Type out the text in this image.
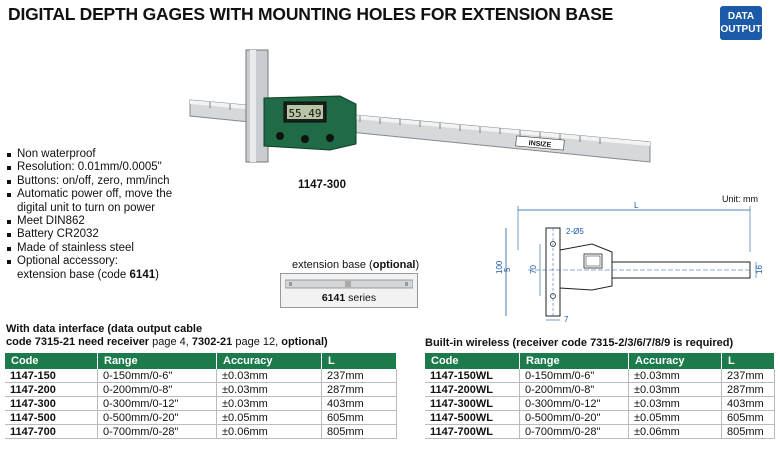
DIGITAL DEPTH GAGES WITH MOUNTING HOLES FOR EXTENSION BASE	DATA
OUTPUT
55.49
INSIZE
1147-300
Non waterproof
Resolution: 0.01mm/0.0005"
Buttons: on/off, zero, mm/inch
Automatic power off, move the digital unit to turn on power
Meet DIN862
Battery CR2032
Made of stainless steel
Optional accessory:
extension base (code 6141)
extension base (optional)
6141 series
Unit: mm
L
100
2-Ø5
70
5	16
7
With data interface (data output cable
code 7315-21 need receiver page 4, 7302-21 page 12, optional)	Built-in wireless (receiver code 7315-2/3/6/7/8/9 is required)
Code	Range	Accuracy	L
1147-150	0-150mm/0-6"	±0.03mm	237mm
1147-200	0-200mm/0-8"	±0.03mm	287mm
1147-300	0-300mm/0-12"	±0.03mm	403mm
1147-500	0-500mm/0-20"	±0.05mm	605mm
1147-700	0-700mm/0-28"	±0.06mm	805mm
Code	Range	Accuracy	L
1147-150WL	0-150mm/0-6"	±0.03mm	237mm
1147-200WL	0-200mm/0-8"	±0.03mm	287mm
1147-300WL	0-300mm/0-12"	±0.03mm	403mm
1147-500WL	0-500mm/0-20"	±0.05mm	605mm
1147-700WL	0-700mm/0-28"	±0.06mm	805mm
